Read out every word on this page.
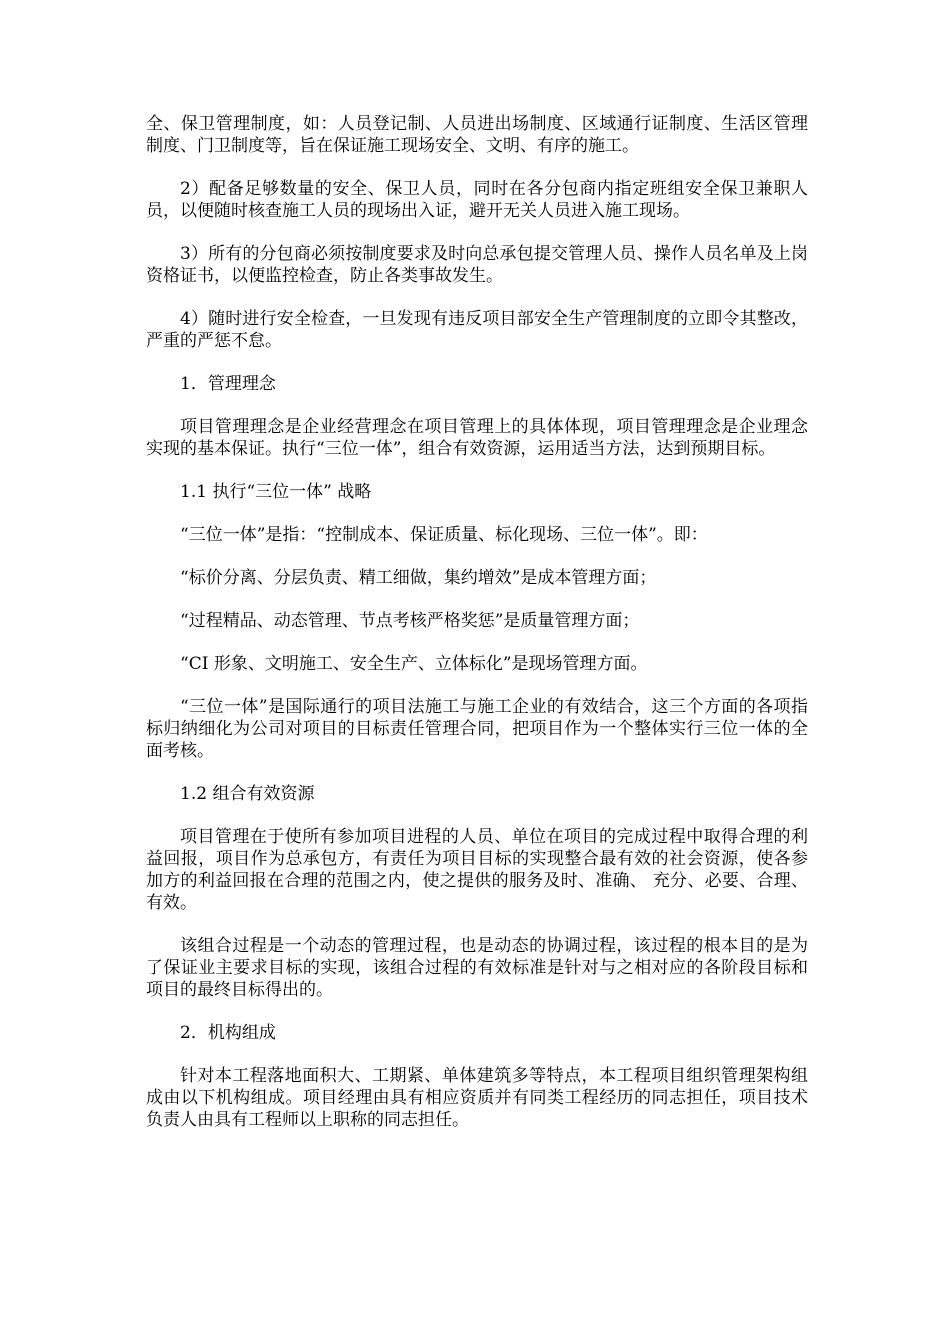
全、保卫管理制度，如：人员登记制、人员进出场制度、区域通行证制度、生活区管理制度、门卫制度等，旨在保证施工现场安全、文明、有序的施工。

2）配备足够数量的安全、保卫人员，同时在各分包商内指定班组安全保卫兼职人员，以便随时核查施工人员的现场出入证，避开无关人员进入施工现场。

3）所有的分包商必须按制度要求及时向总承包提交管理人员、操作人员名单及上岗资格证书，以便监控检查，防止各类事故发生。

4）随时进行安全检查，一旦发现有违反项目部安全生产管理制度的立即令其整改，严重的严惩不怠。

1．管理理念

项目管理理念是企业经营理念在项目管理上的具体体现，项目管理理念是企业理念实现的基本保证。执行“三位一体”，组合有效资源，运用适当方法，达到预期目标。

1.1 执行“三位一体” 战略

“三位一体”是指：“控制成本、保证质量、标化现场、三位一体”。即：

“标价分离、分层负责、精工细做，集约增效”是成本管理方面；

“过程精品、动态管理、节点考核严格奖惩”是质量管理方面；

“CI 形象、文明施工、安全生产、立体标化”是现场管理方面。

“三位一体”是国际通行的项目法施工与施工企业的有效结合，这三个方面的各项指标归纳细化为公司对项目的目标责任管理合同，把项目作为一个整体实行三位一体的全面考核。

1.2 组合有效资源

项目管理在于使所有参加项目进程的人员、单位在项目的完成过程中取得合理的利益回报，项目作为总承包方，有责任为项目目标的实现整合最有效的社会资源，使各参加方的利益回报在合理的范围之内，使之提供的服务及时、准确、 充分、必要、合理、有效。

该组合过程是一个动态的管理过程，也是动态的协调过程，该过程的根本目的是为了保证业主要求目标的实现，该组合过程的有效标准是针对与之相对应的各阶段目标和项目的最终目标得出的。

2．机构组成

针对本工程落地面积大、工期紧、单体建筑多等特点，本工程项目组织管理架构组成由以下机构组成。项目经理由具有相应资质并有同类工程经历的同志担任，项目技术负责人由具有工程师以上职称的同志担任。
